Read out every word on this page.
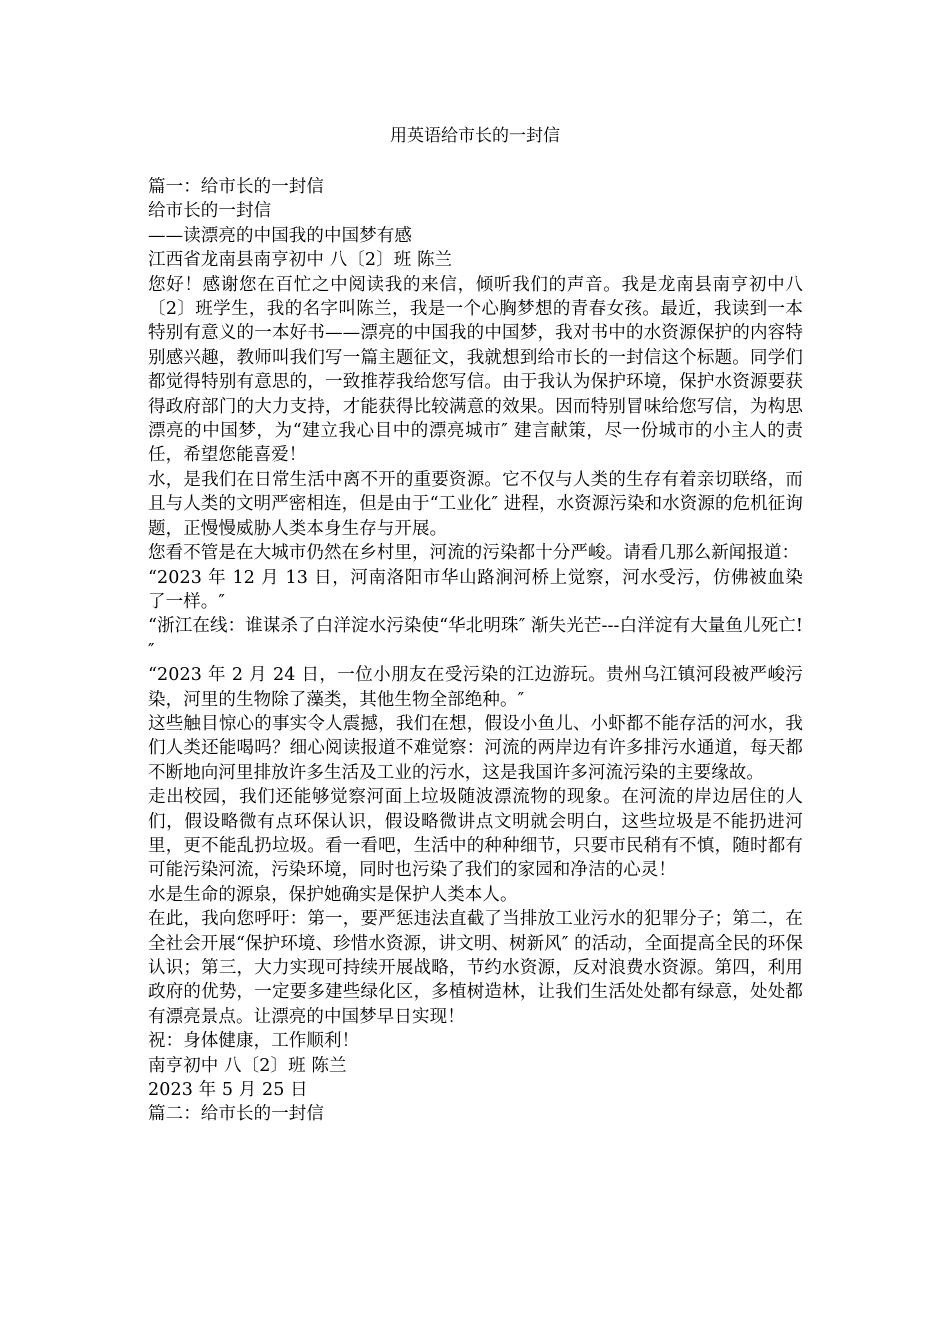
用英语给市长的一封信

篇一：给市长的一封信

给市长的一封信

——读漂亮的中国我的中国梦有感

江西省龙南县南亨初中 八〔2〕班 陈兰

您好！感谢您在百忙之中阅读我的来信，倾听我们的声音。我是龙南县南亨初中八〔2〕班学生，我的名字叫陈兰，我是一个心胸梦想的青春女孩。最近，我读到一本特别有意义的一本好书——漂亮的中国我的中国梦，我对书中的水资源保护的内容特别感兴趣，教师叫我们写一篇主题征文，我就想到给市长的一封信这个标题。同学们都觉得特别有意思的，一致推荐我给您写信。由于我认为保护环境，保护水资源要获得政府部门的大力支持，才能获得比较满意的效果。因而特别冒味给您写信，为构思漂亮的中国梦，为“建立我心目中的漂亮城市″ 建言献策，尽一份城市的小主人的责任，希望您能喜爱！

水，是我们在日常生活中离不开的重要资源。它不仅与人类的生存有着亲切联络，而且与人类的文明严密相连，但是由于“工业化″ 进程，水资源污染和水资源的危机征询题，正慢慢威胁人类本身生存与开展。

您看不管是在大城市仍然在乡村里，河流的污染都十分严峻。请看几那么新闻报道：

“2023 年 12 月 13 日，河南洛阳市华山路涧河桥上觉察，河水受污，仿佛被血染了一样。″

“浙江在线：谁谋杀了白洋淀水污染使“华北明珠″ 渐失光芒---白洋淀有大量鱼儿死亡!″

“2023 年 2 月 24 日，一位小朋友在受污染的江边游玩。贵州乌江镇河段被严峻污染，河里的生物除了藻类，其他生物全部绝种。″

这些触目惊心的事实令人震撼，我们在想，假设小鱼儿、小虾都不能存活的河水，我们人类还能喝吗？细心阅读报道不难觉察：河流的两岸边有许多排污水通道，每天都不断地向河里排放许多生活及工业的污水，这是我国许多河流污染的主要缘故。

走出校园，我们还能够觉察河面上垃圾随波漂流物的现象。在河流的岸边居住的人们，假设略微有点环保认识，假设略微讲点文明就会明白，这些垃圾是不能扔进河里，更不能乱扔垃圾。看一看吧，生活中的种种细节，只要市民稍有不慎，随时都有可能污染河流，污染环境，同时也污染了我们的家园和净洁的心灵！

水是生命的源泉，保护她确实是保护人类本人。

在此，我向您呼吁：第一，要严惩违法直截了当排放工业污水的犯罪分子；第二，在全社会开展“保护环境、珍惜水资源，讲文明、树新风″ 的活动，全面提高全民的环保认识；第三，大力实现可持续开展战略，节约水资源，反对浪费水资源。第四，利用政府的优势，一定要多建些绿化区，多植树造林，让我们生活处处都有绿意，处处都有漂亮景点。让漂亮的中国梦早日实现！

祝：身体健康，工作顺利！

南亨初中 八〔2〕班 陈兰

2023 年 5 月 25 日

篇二：给市长的一封信
